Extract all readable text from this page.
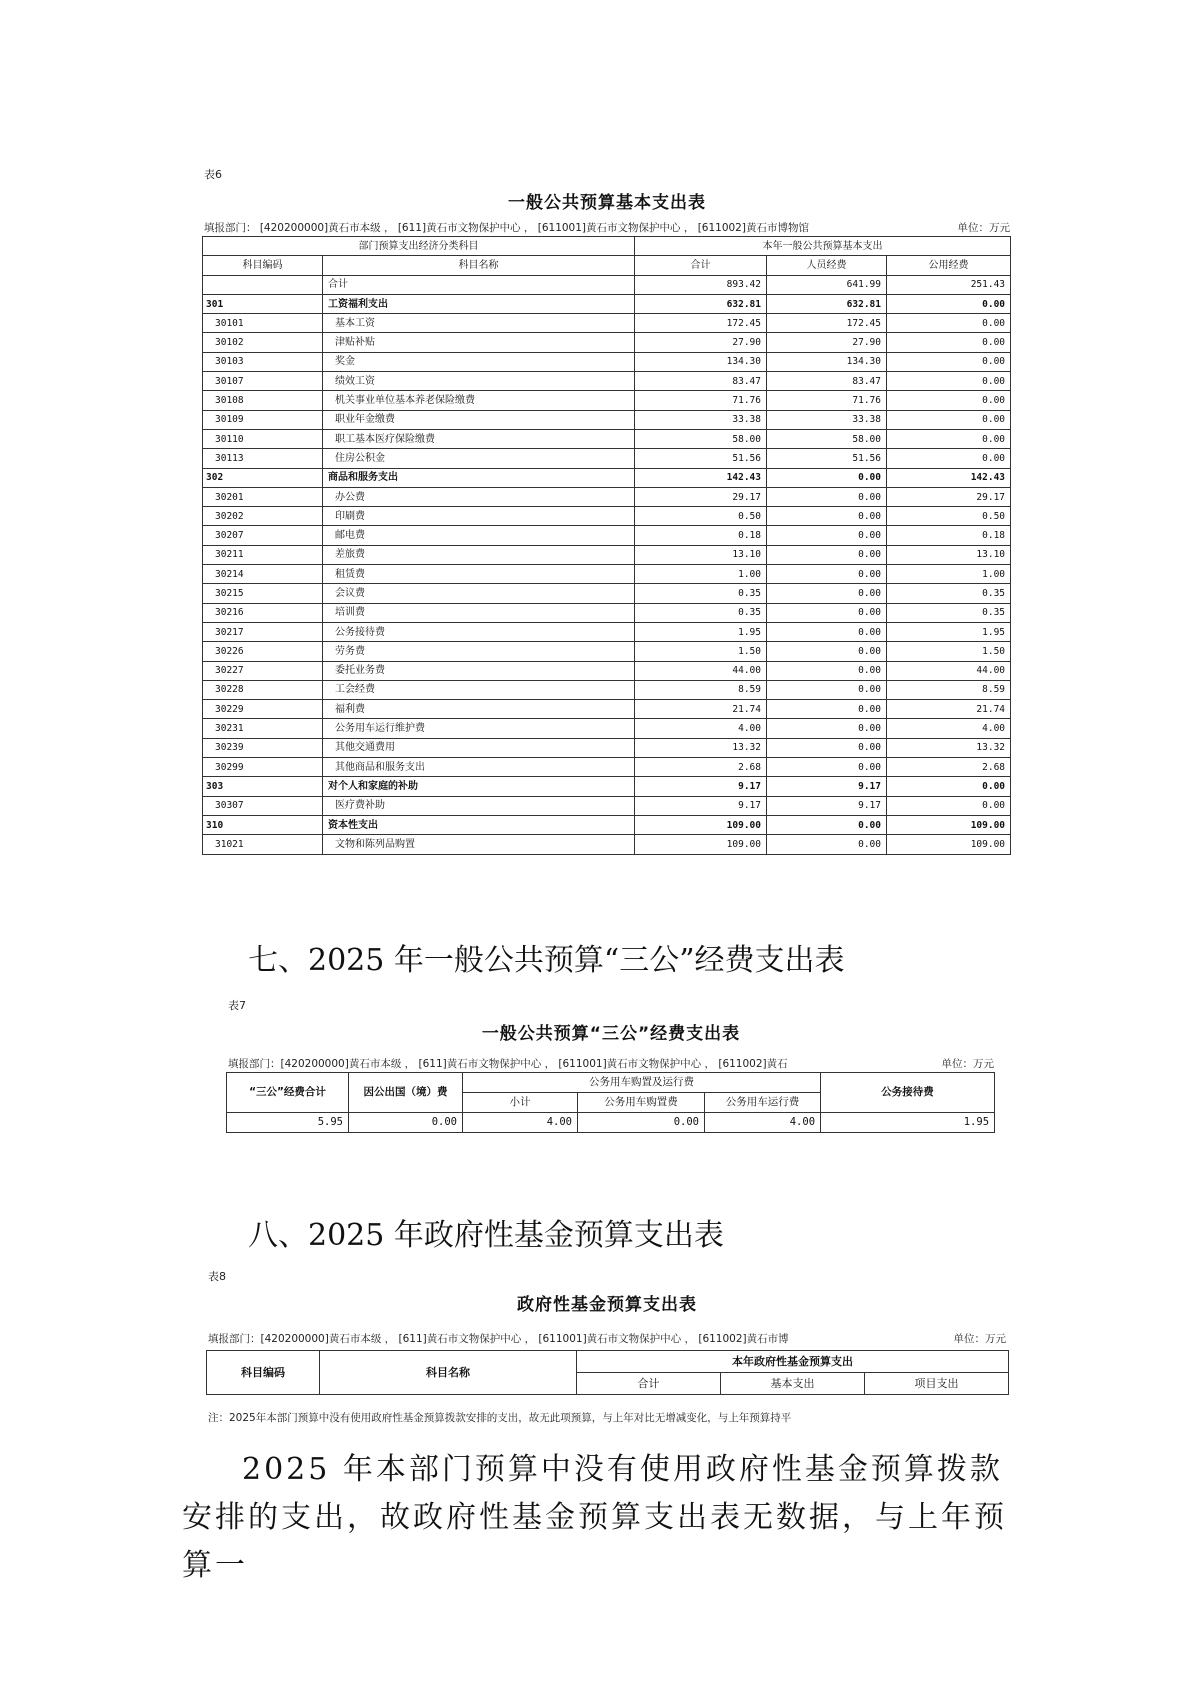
表6
一般公共预算基本支出表
填报部门： [420200000]黄石市本级 ， [611]黄石市文物保护中心 ， [611001]黄石市文物保护中心 ， [611002]黄石市博物馆	单位：万元
部门预算支出经济分类科目		本年一般公共预算基本支出		
科目编码	科目名称	合计	人员经费	公用经费
	合计	893.42	641.99	251.43
301	工资福利支出	632.81	632.81	0.00
30101	基本工资	172.45	172.45	0.00
30102	津贴补贴	27.90	27.90	0.00
30103	奖金	134.30	134.30	0.00
30107	绩效工资	83.47	83.47	0.00
30108	机关事业单位基本养老保险缴费	71.76	71.76	0.00
30109	职业年金缴费	33.38	33.38	0.00
30110	职工基本医疗保险缴费	58.00	58.00	0.00
30113	住房公积金	51.56	51.56	0.00
302	商品和服务支出	142.43	0.00	142.43
30201	办公费	29.17	0.00	29.17
30202	印刷费	0.50	0.00	0.50
30207	邮电费	0.18	0.00	0.18
30211	差旅费	13.10	0.00	13.10
30214	租赁费	1.00	0.00	1.00
30215	会议费	0.35	0.00	0.35
30216	培训费	0.35	0.00	0.35
30217	公务接待费	1.95	0.00	1.95
30226	劳务费	1.50	0.00	1.50
30227	委托业务费	44.00	0.00	44.00
30228	工会经费	8.59	0.00	8.59
30229	福利费	21.74	0.00	21.74
30231	公务用车运行维护费	4.00	0.00	4.00
30239	其他交通费用	13.32	0.00	13.32
30299	其他商品和服务支出	2.68	0.00	2.68
303	对个人和家庭的补助	9.17	9.17	0.00
30307	医疗费补助	9.17	9.17	0.00
310	资本性支出	109.00	0.00	109.00
31021	文物和陈列品购置	109.00	0.00	109.00
七、2025 年一般公共预算“三公”经费支出表
表7
一般公共预算“三公”经费支出表
填报部门：[420200000]黄石市本级 ， [611]黄石市文物保护中心 ， [611001]黄石市文物保护中心 ， [611002]黄石	单位：万元
“三公”经费合计	因公出国（境）费	公务用车购置及运行费			公务接待费
		小计	公务用车购置费	公务用车运行费	
5.95	0.00	4.00	0.00	4.00	1.95
八、2025 年政府性基金预算支出表
表8
政府性基金预算支出表
填报部门：[420200000]黄石市本级 ， [611]黄石市文物保护中心 ， [611001]黄石市文物保护中心 ， [611002]黄石市博	单位：万元
科目编码	科目名称	本年政府性基金预算支出		
		合计	基本支出	项目支出
注：2025年本部门预算中没有使用政府性基金预算拨款安排的支出，故无此项预算，与上年对比无增减变化，与上年预算持平
2025 年本部门预算中没有使用政府性基金预算拨款安排的支出，故政府性基金预算支出表无数据，与上年预算一
